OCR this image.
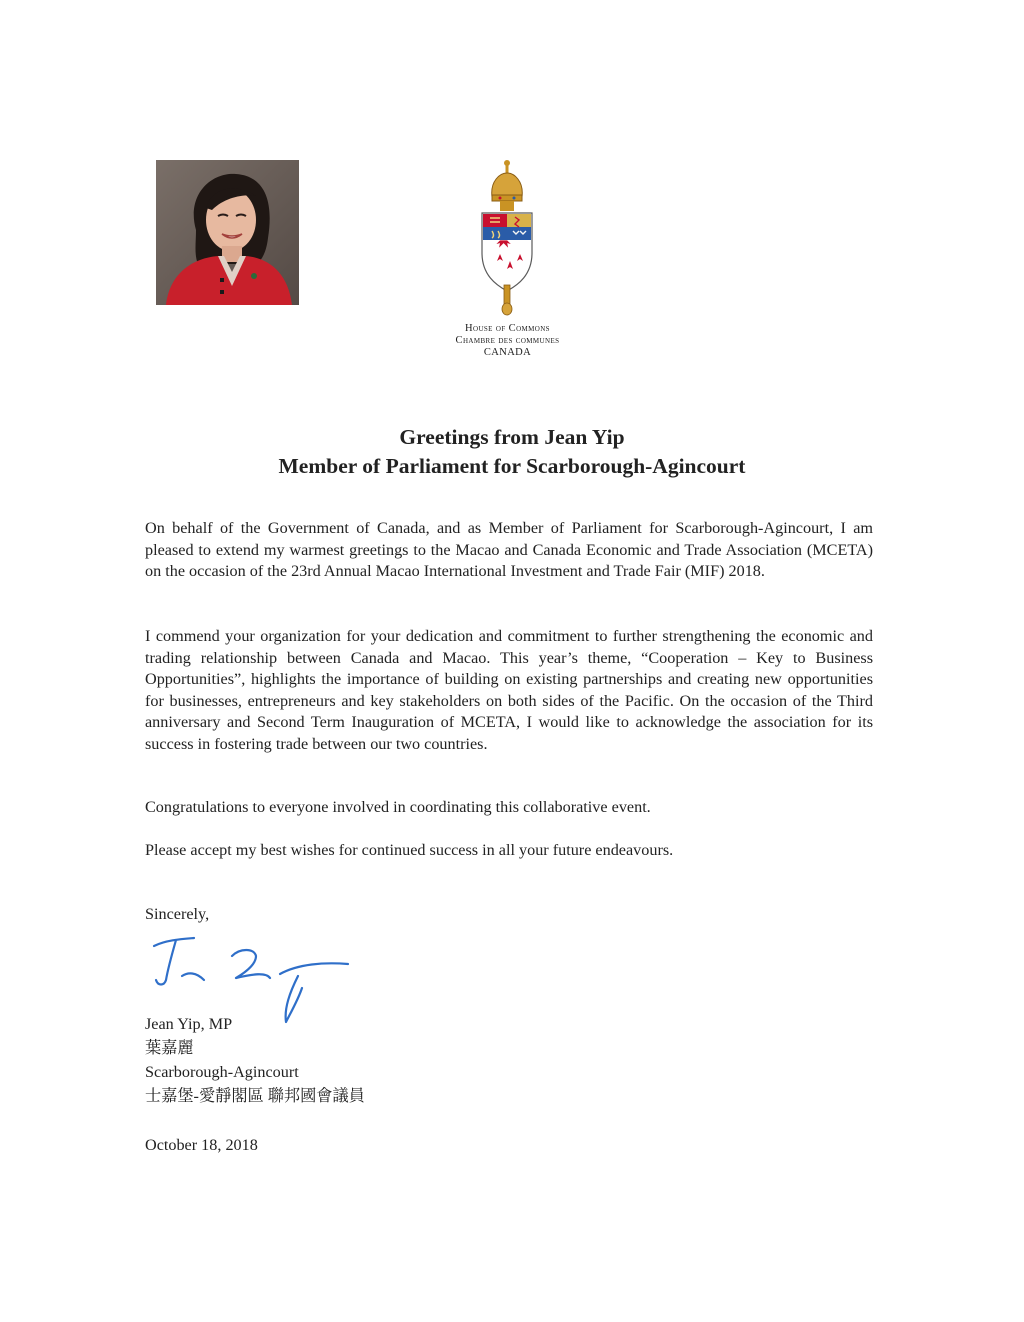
House of Commons
Chambre des communes
CANADA
Greetings from Jean Yip
Member of Parliament for Scarborough-Agincourt
On behalf of the Government of Canada, and as Member of Parliament for Scarborough-Agincourt, I am pleased to extend my warmest greetings to the Macao and Canada Economic and Trade Association (MCETA) on the occasion of the 23rd Annual Macao International Investment and Trade Fair (MIF) 2018.
I commend your organization for your dedication and commitment to further strengthening the economic and trading relationship between Canada and Macao. This year’s theme, “Cooperation – Key to Business Opportunities”, highlights the importance of building on existing partnerships and creating new opportunities for businesses, entrepreneurs and key stakeholders on both sides of the Pacific. On the occasion of the Third anniversary and Second Term Inauguration of MCETA, I would like to acknowledge the association for its success in fostering trade between our two countries.
Congratulations to everyone involved in coordinating this collaborative event.
Please accept my best wishes for continued success in all your future endeavours.
Sincerely,
Jean Yip, MP
葉嘉麗
Scarborough-Agincourt
士嘉堡-愛靜閣區 聯邦國會議員
October 18, 2018
